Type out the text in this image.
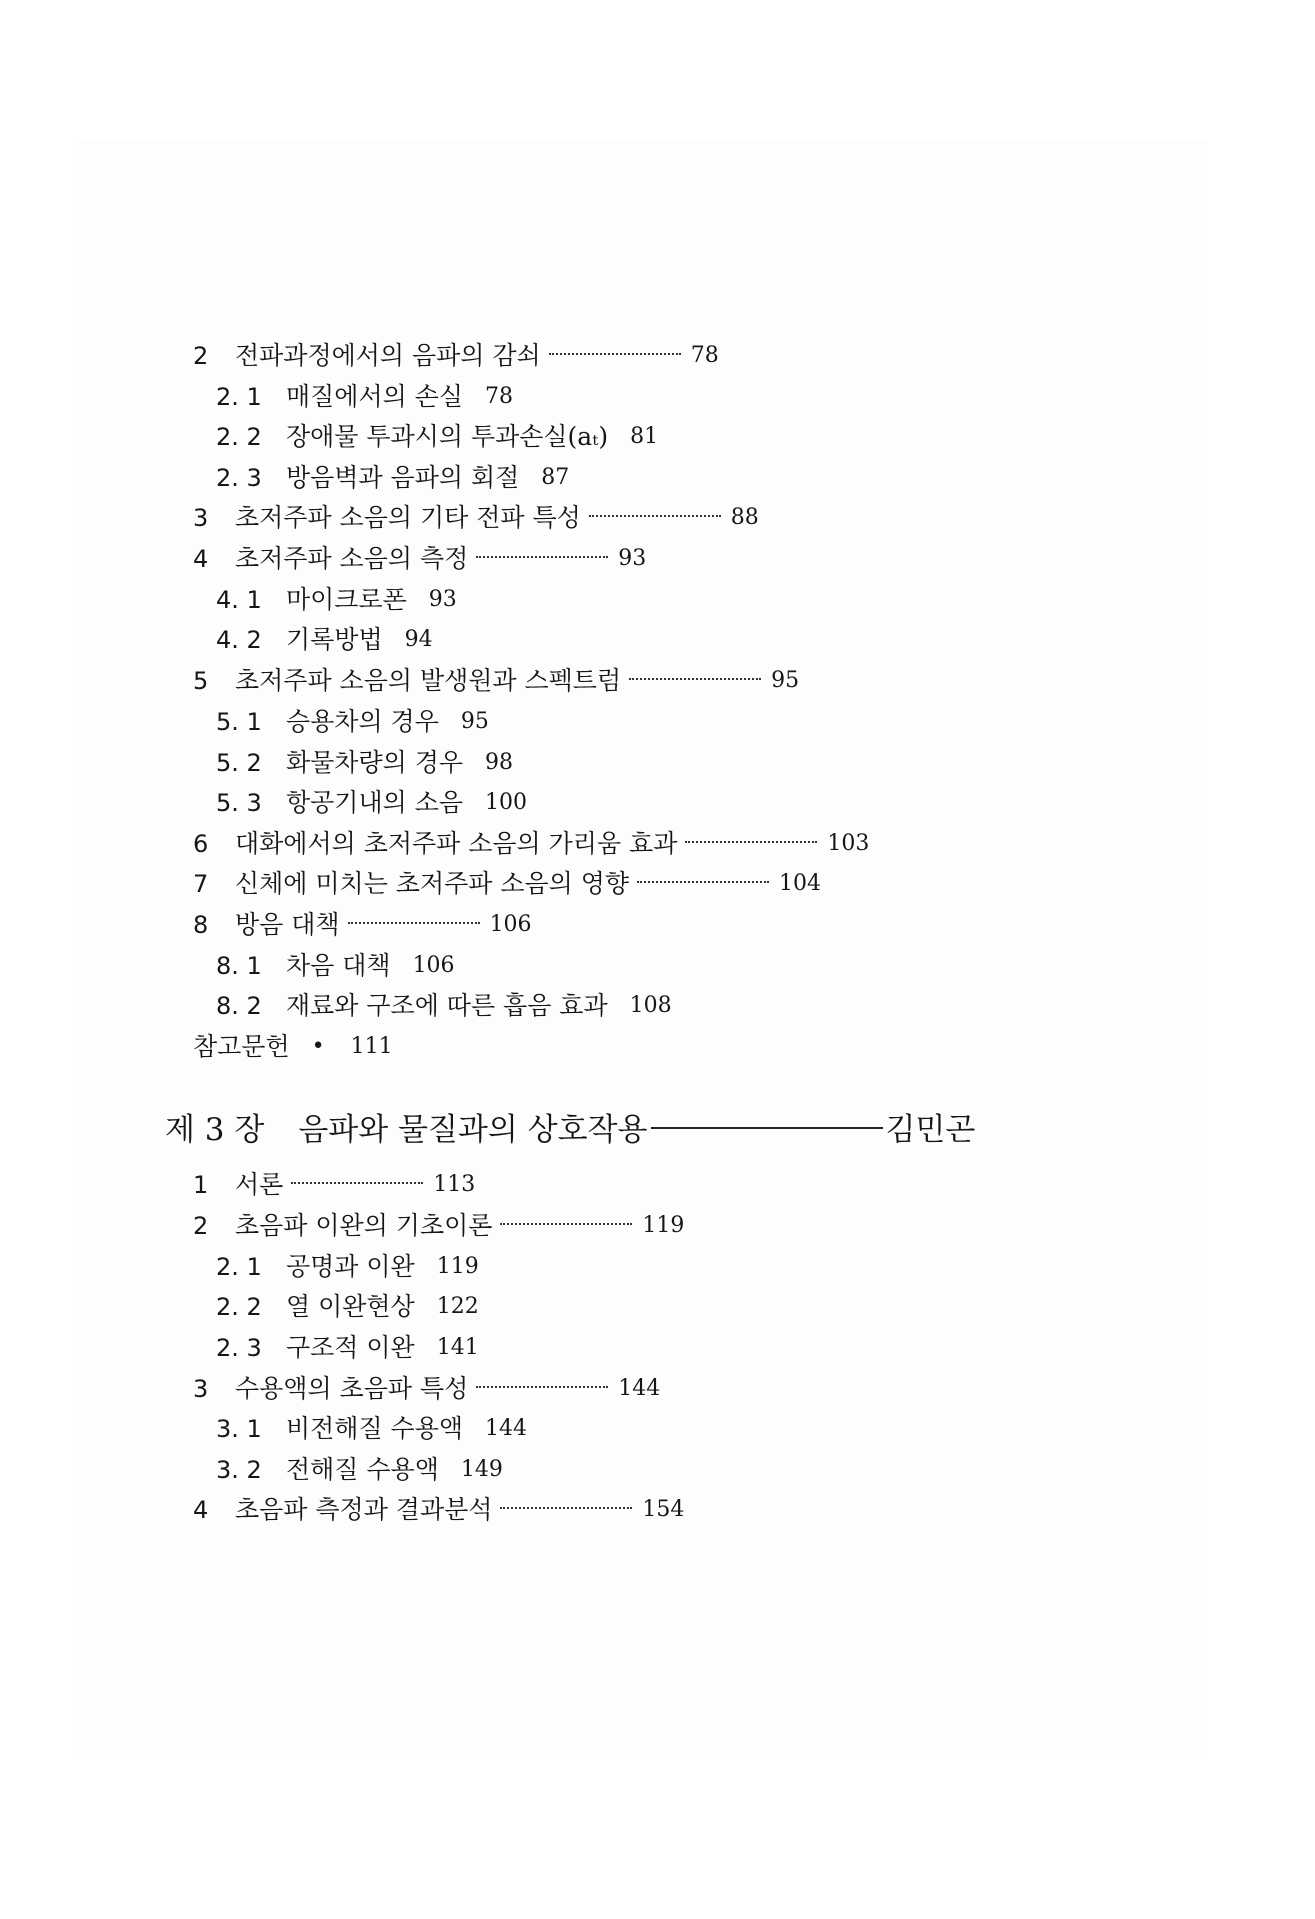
2	전파과정에서의 음파의 감쇠	78
2. 1 매질에서의 손실 78
2. 2 장애물 투과시의 투과손실(aₜ) 81
2. 3 방음벽과 음파의 회절 87
3	초저주파 소음의 기타 전파 특성	88
4	초저주파 소음의 측정	93
4. 1 마이크로폰 93
4. 2 기록방법 94
5	초저주파 소음의 발생원과 스펙트럼	95
5. 1 승용차의 경우 95
5. 2 화물차량의 경우 98
5. 3 항공기내의 소음 100
6	대화에서의 초저주파 소음의 가리움 효과	103
7	신체에 미치는 초저주파 소음의 영향	104
8	방음 대책	106
8. 1 차음 대책 106
8. 2 재료와 구조에 따른 흡음 효과 108
참고문헌 • 111
제 3 장 음파와 물질과의 상호작용	김민곤
1	서론	113
2	초음파 이완의 기초이론	119
2. 1 공명과 이완 119
2. 2 열 이완현상 122
2. 3 구조적 이완 141
3	수용액의 초음파 특성	144
3. 1 비전해질 수용액 144
3. 2 전해질 수용액 149
4	초음파 측정과 결과분석	154
